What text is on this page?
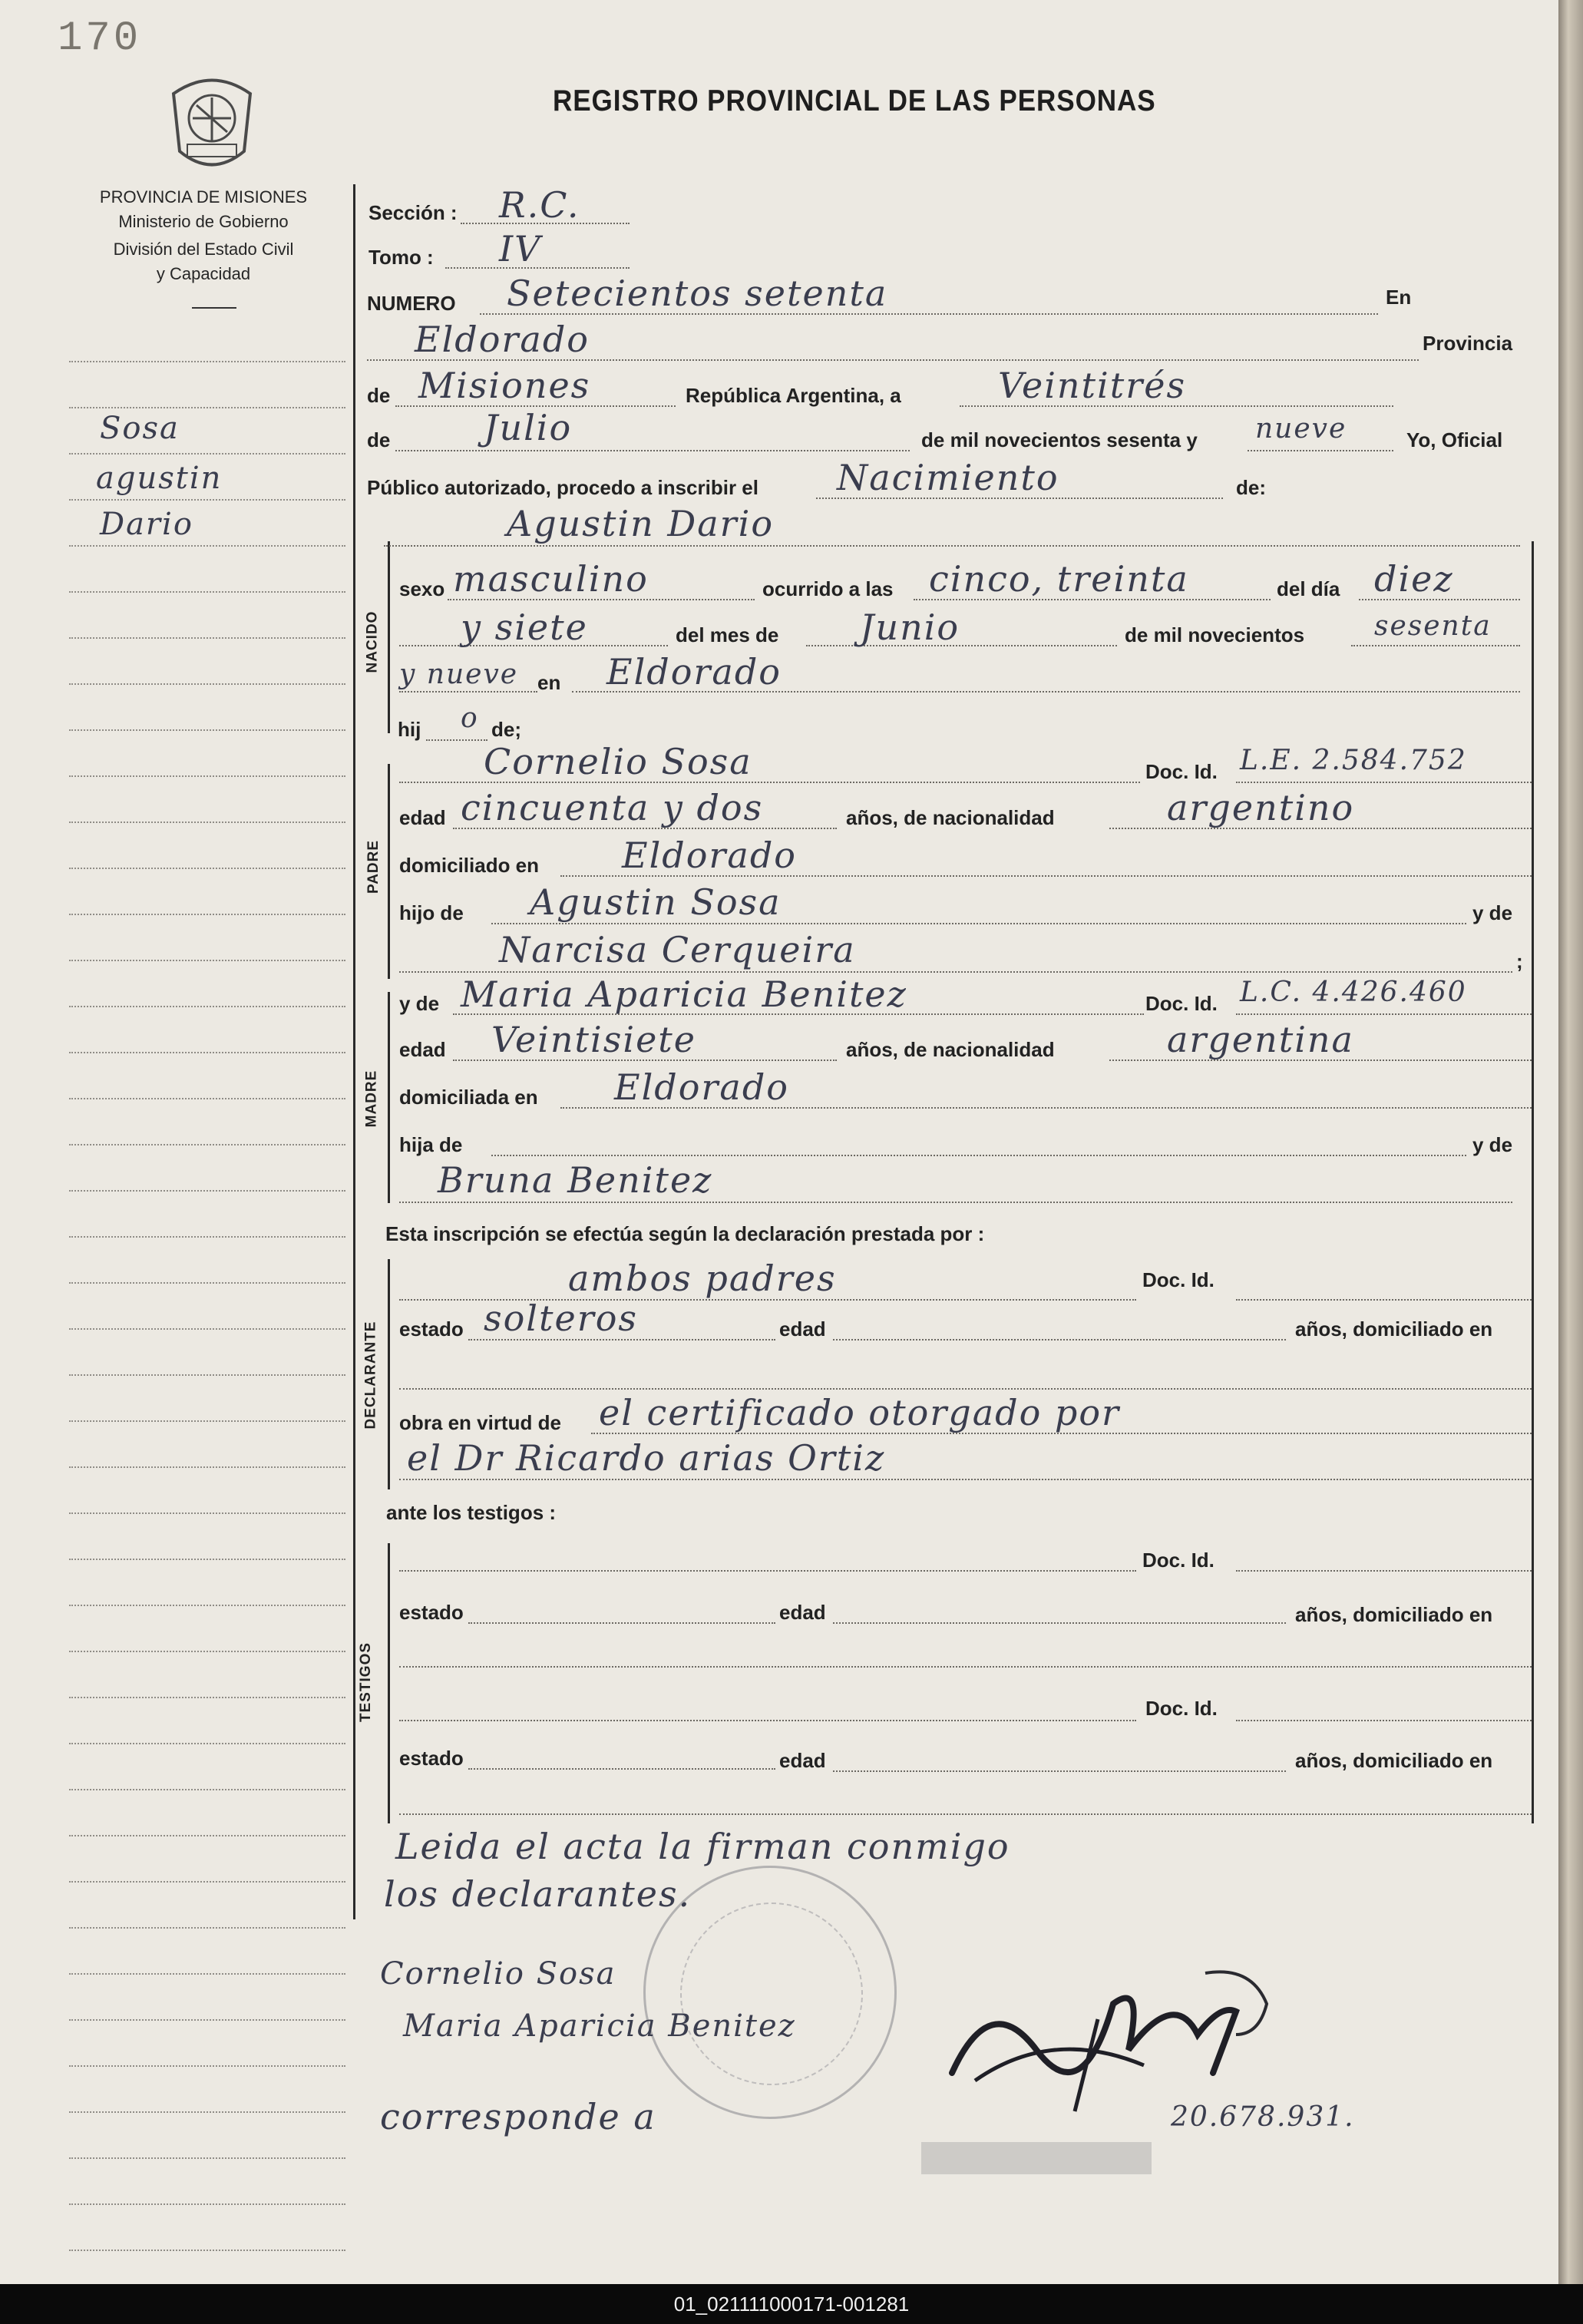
170
REGISTRO PROVINCIAL DE LAS PERSONAS
PROVINCIA DE MISIONES
Ministerio de Gobierno
División del Estado Civil
y Capacidad
Sosa
agustin
Dario
NACIDO
PADRE
MADRE
DECLARANTE
TESTIGOS
Sección : R.C.
Tomo : IV
NUMERO Setecientos setenta	En
Eldorado	Provincia
de Misiones	República Argentina, a	Veintitrés
de	Julio	de mil novecientos sesenta y nueve	Yo, Oficial
Público autorizado, procedo a inscribir el Nacimiento	de:
Agustin Dario
sexo masculino	ocurrido a las cinco, treinta	del día diez
y siete	del mes de Junio	de mil novecientos	sesenta
y nueve en Eldorado
hij o de;
Cornelio Sosa	Doc. Id. L.E. 2.584.752
edad cincuenta y dos	años, de nacionalidad	argentino
domiciliado en Eldorado
hijo de Agustin Sosa	y de
Narcisa Cerqueira	;
y de Maria Aparicia Benitez	Doc. Id. L.C. 4.426.460
edad Veintisiete	años, de nacionalidad	argentina
domiciliada en Eldorado
hija de	y de
Bruna Benitez
Esta inscripción se efectúa según la declaración prestada por :
ambos padres	Doc. Id.
estado solteros	edad	años, domiciliado en
obra en virtud de el certificado otorgado por
el Dr Ricardo arias Ortiz
ante los testigos :
Doc. Id.
estado	edad	años, domiciliado en
Doc. Id.
estado	edad	años, domiciliado en
Leida el acta la firman conmigo
los declarantes.
Cornelio Sosa
Maria Aparicia Benitez
corresponde a	20.678.931.
01_021111000171-001281
